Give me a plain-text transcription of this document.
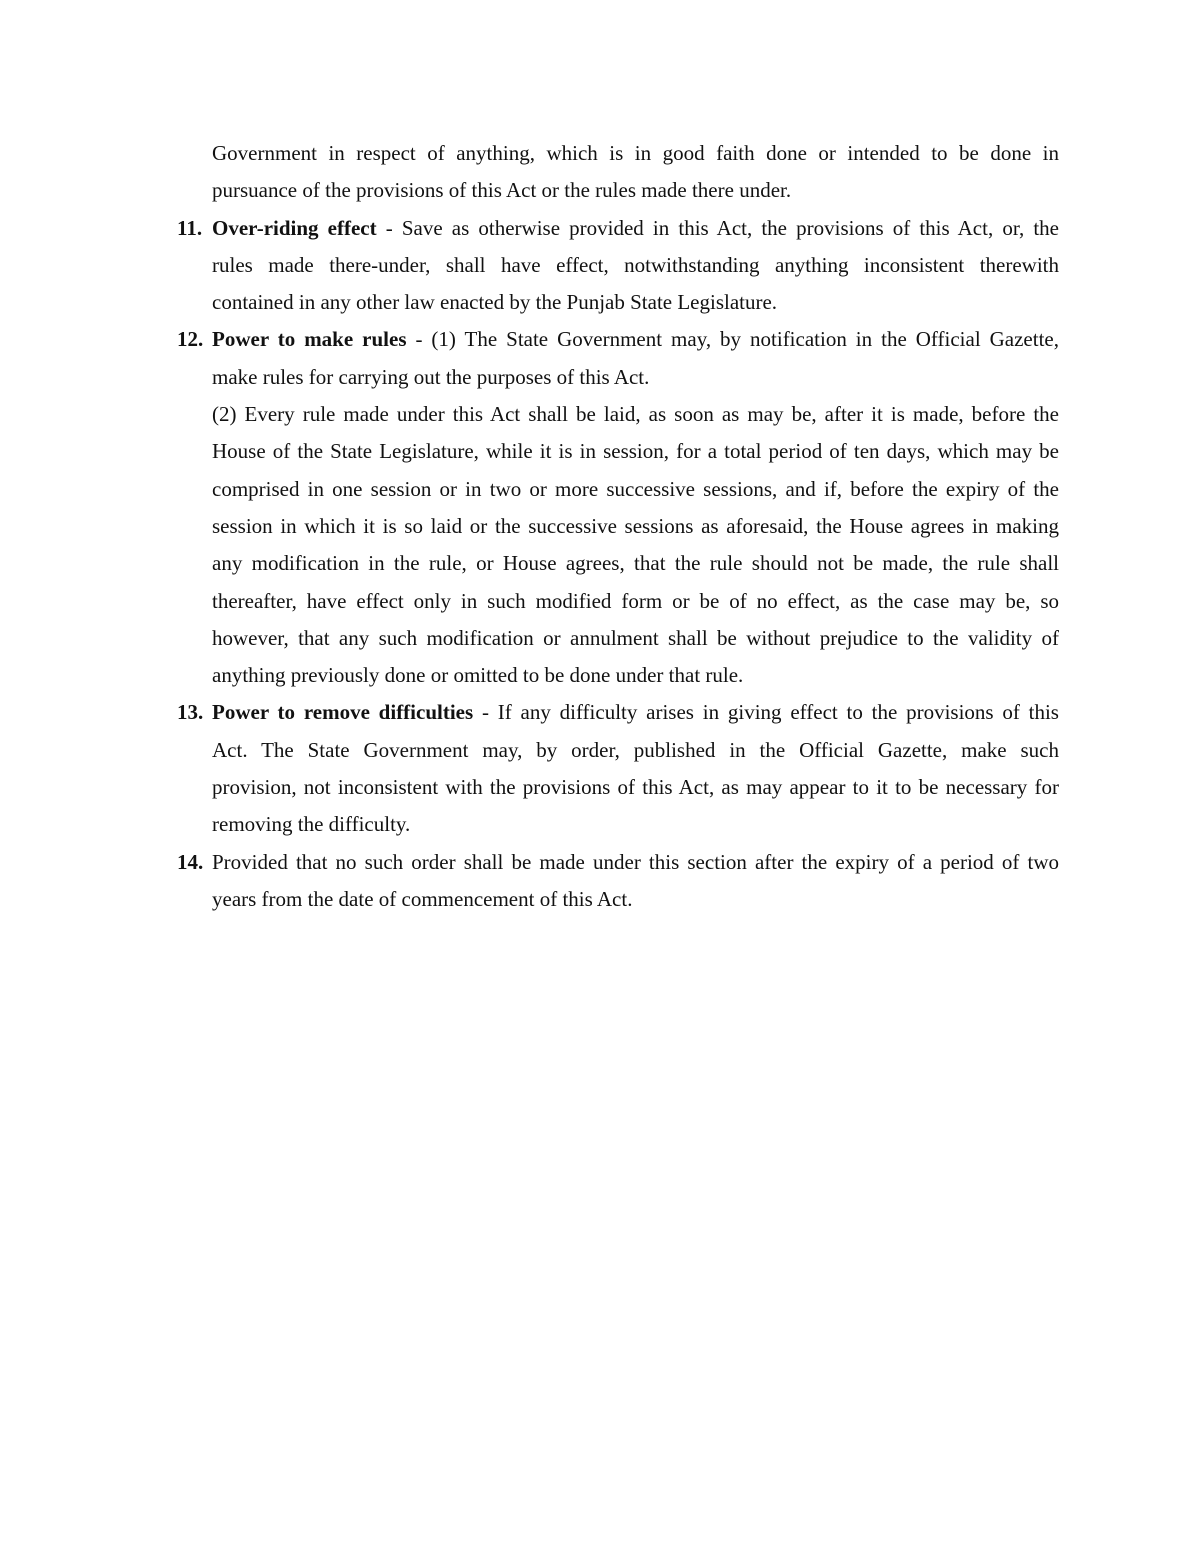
Government in respect of anything, which is in good faith done or intended to be done in
pursuance of the provisions of this Act or the rules made there under.
11. Over-riding effect - Save as otherwise provided in this Act, the provisions of this Act, or, the
rules made there-under, shall have effect, notwithstanding anything inconsistent therewith
contained in any other law enacted by the Punjab State Legislature.
12. Power to make rules - (1) The State Government may, by notification in the Official Gazette,
make rules for carrying out the purposes of this Act.
(2) Every rule made under this Act shall be laid, as soon as may be, after it is made, before the
House of the State Legislature, while it is in session, for a total period of ten days, which may be
comprised in one session or in two or more successive sessions, and if, before the expiry of the
session in which it is so laid or the successive sessions as aforesaid, the House agrees in making
any modification in the rule, or House agrees, that the rule should not be made, the rule shall
thereafter, have effect only in such modified form or be of no effect, as the case may be, so
however, that any such modification or annulment shall be without prejudice to the validity of
anything previously done or omitted to be done under that rule.
13. Power to remove difficulties - If any difficulty arises in giving effect to the provisions of this
Act. The State Government may, by order, published in the Official Gazette, make such
provision, not inconsistent with the provisions of this Act, as may appear to it to be necessary for
removing the difficulty.
14. Provided that no such order shall be made under this section after the expiry of a period of two
years from the date of commencement of this Act.
